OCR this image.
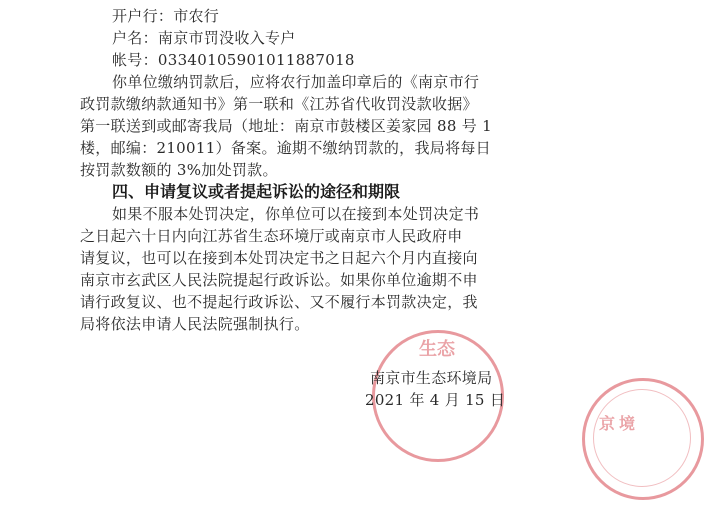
生态
京境
开户行：市农行
户名：南京市罚没收入专户
帐号：03340105901011887018
你单位缴纳罚款后，应将农行加盖印章后的《南京市行
政罚款缴纳款通知书》第一联和《江苏省代收罚没款收据》
第一联送到或邮寄我局（地址：南京市鼓楼区姜家园 88 号 1
楼，邮编：210011）备案。逾期不缴纳罚款的，我局将每日
按罚款数额的 3%加处罚款。
四、申请复议或者提起诉讼的途径和期限
如果不服本处罚决定，你单位可以在接到本处罚决定书
之日起六十日内向江苏省生态环境厅或南京市人民政府申
请复议，也可以在接到本处罚决定书之日起六个月内直接向
南京市玄武区人民法院提起行政诉讼。如果你单位逾期不申
请行政复议、也不提起行政诉讼、又不履行本罚款决定，我
局将依法申请人民法院强制执行。
南京市生态环境局
2021 年 4 月 15 日
